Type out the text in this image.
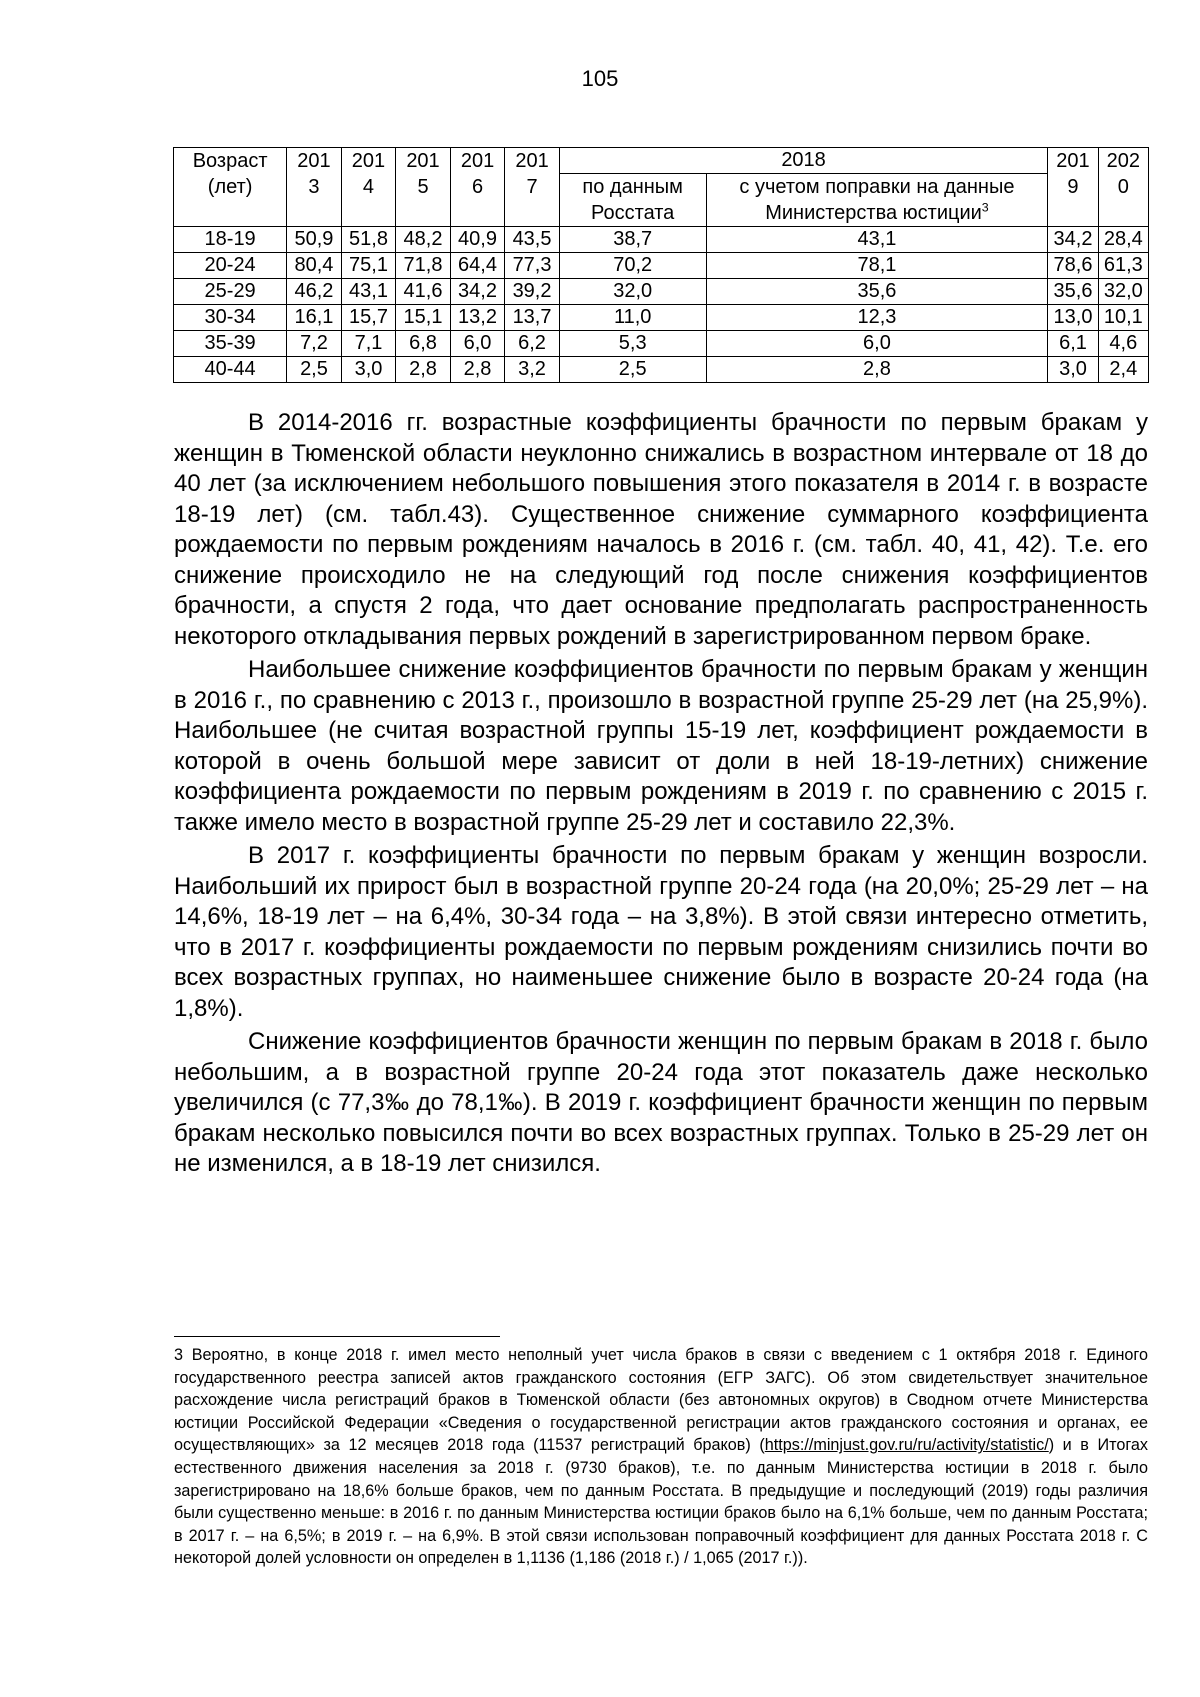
105
Возраст (лет)	201 3	201 4	201 5	201 6	201 7	2018		201 9	202 0
						по данным Росстата	с учетом поправки на данные Министерства юстиции$^3$
18-19	50,9	51,8	48,2	40,9	43,5	38,7	43,1	34,2	28,4
20-24	80,4	75,1	71,8	64,4	77,3	70,2	78,1	78,6	61,3
25-29	46,2	43,1	41,6	34,2	39,2	32,0	35,6	35,6	32,0
30-34	16,1	15,7	15,1	13,2	13,7	11,0	12,3	13,0	10,1
35-39	7,2	7,1	6,8	6,0	6,2	5,3	6,0	6,1	4,6
40-44	2,5	3,0	2,8	2,8	3,2	2,5	2,8	3,0	2,4

В 2014-2016 гг. возрастные коэффициенты брачности по первым бракам у женщин в Тюменской области неуклонно снижались в возрастном интервале от 18 до 40 лет (за исключением небольшого повышения этого показателя в 2014 г. в возрасте 18-19 лет) (см. табл.43). Существенное снижение суммарного коэффициента рождаемости по первым рождениям началось в 2016 г. (см. табл. 40, 41, 42). Т.е. его снижение происходило не на следующий год после снижения коэффициентов брачности, а спустя 2 года, что дает основание предполагать распространенность некоторого откладывания первых рождений в зарегистрированном первом браке.

Наибольшее снижение коэффициентов брачности по первым бракам у женщин в 2016 г., по сравнению с 2013 г., произошло в возрастной группе 25-29 лет (на 25,9%). Наибольшее (не считая возрастной группы 15-19 лет, коэффициент рождаемости в которой в очень большой мере зависит от доли в ней 18-19-летних) снижение коэффициента рождаемости по первым рождениям в 2019 г. по сравнению с 2015 г. также имело место в возрастной группе 25-29 лет и составило 22,3%.

В 2017 г. коэффициенты брачности по первым бракам у женщин возросли. Наибольший их прирост был в возрастной группе 20-24 года (на 20,0%; 25-29 лет – на 14,6%, 18-19 лет – на 6,4%, 30-34 года – на 3,8%). В этой связи интересно отметить, что в 2017 г. коэффициенты рождаемости по первым рождениям снизились почти во всех возрастных группах, но наименьшее снижение было в возрасте 20-24 года (на 1,8%).

Снижение коэффициентов брачности женщин по первым бракам в 2018 г. было небольшим, а в возрастной группе 20-24 года этот показатель даже несколько увеличился (с 77,3‰ до 78,1‰). В 2019 г. коэффициент брачности женщин по первым бракам несколько повысился почти во всех возрастных группах. Только в 25-29 лет он не изменился, а в 18-19 лет снизился.

3 Вероятно, в конце 2018 г. имел место неполный учет числа браков в связи с введением с 1 октября 2018 г. Единого государственного реестра записей актов гражданского состояния (ЕГР ЗАГС). Об этом свидетельствует значительное расхождение числа регистраций браков в Тюменской области (без автономных округов) в Сводном отчете Министерства юстиции Российской Федерации «Сведения о государственной регистрации актов гражданского состояния и органах, ее осуществляющих» за 12 месяцев 2018 года (11537 регистраций браков) (https://minjust.gov.ru/ru/activity/statistic/) и в Итогах естественного движения населения за 2018 г. (9730 браков), т.е. по данным Министерства юстиции в 2018 г. было зарегистрировано на 18,6% больше браков, чем по данным Росстата. В предыдущие и последующий (2019) годы различия были существенно меньше: в 2016 г. по данным Министерства юстиции браков было на 6,1% больше, чем по данным Росстата; в 2017 г. – на 6,5%; в 2019 г. – на 6,9%. В этой связи использован поправочный коэффициент для данных Росстата 2018 г. С некоторой долей условности он определен в 1,1136 (1,186 (2018 г.) / 1,065 (2017 г.)).
